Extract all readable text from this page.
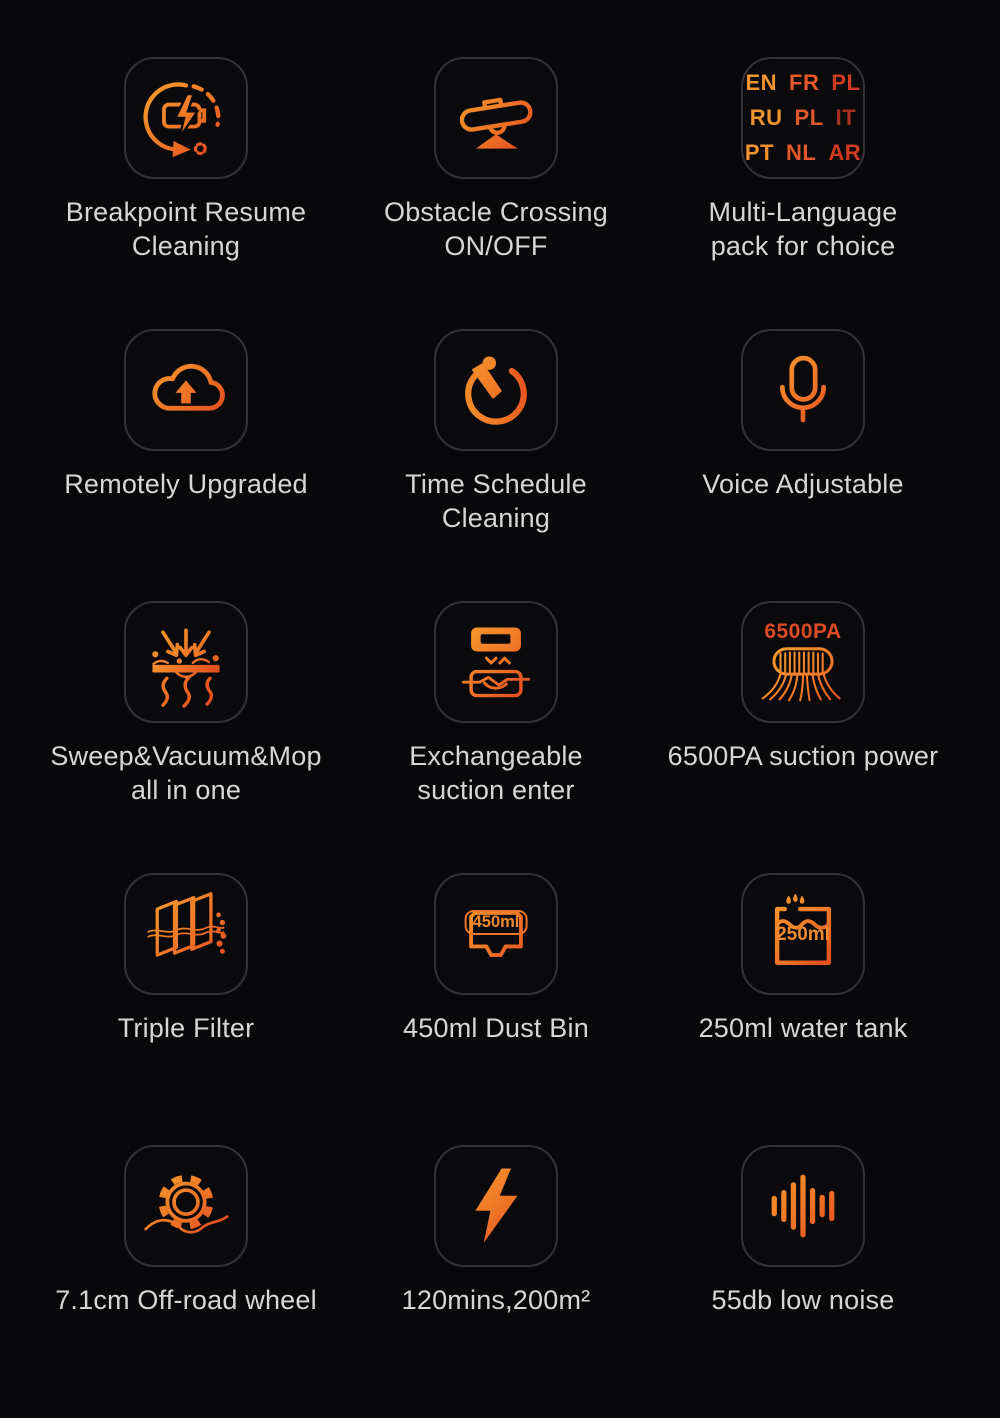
Breakpoint Resume
Cleaning
Obstacle Crossing
ON/OFF
EN FR PL
RU PL IT
PT NL AR
Multi-Language
pack for choice
Remotely Upgraded	Time Schedule
Cleaning
Voice Adjustable
Sweep&Vacuum&Mop
all in one
Exchangeable
suction enter
6500PA
6500PA suction power
Triple Filter
450ml
450ml Dust Bin
250ml
250ml water tank
7.1cm Off-road wheel	120mins,200m²	55db low noise
